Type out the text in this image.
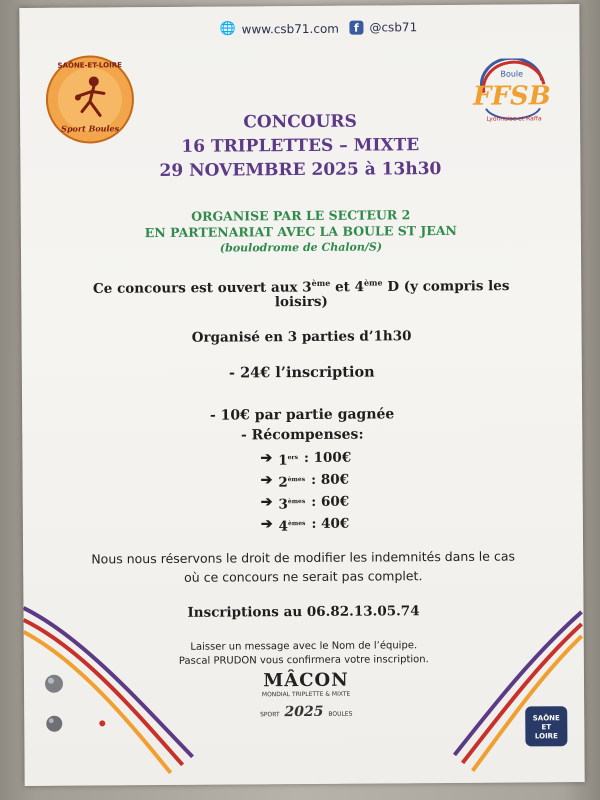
🌐 www.csb71.com	f @csb71
SAÔNE-ET-LOIRE
Sport Boules
Boule
FFSB
Lyonnaise et Raffa
CONCOURS
16 TRIPLETTES – MIXTE
29 NOVEMBRE 2025 à 13h30
ORGANISE PAR LE SECTEUR 2
EN PARTENARIAT AVEC LA BOULE ST JEAN
(boulodrome de Chalon/S)
Ce concours est ouvert aux 3ème et 4ème D (y compris les
loisirs)
Organisé en 3 parties d’1h30
- 24€ l’inscription
- 10€ par partie gagnée
- Récompenses:
➔ 1ers : 100€
➔ 2èmes : 80€
➔ 3èmes : 60€
➔ 4èmes : 40€
Nous nous réservons le droit de modifier les indemnités dans le cas
où ce concours ne serait pas complet.
Inscriptions au 06.82.13.05.74
Laisser un message avec le Nom de l’équipe.
Pascal PRUDON vous confirmera votre inscription.
MÂCON
MONDIAL TRIPLETTE & MIXTE
SPORT 2025 BOULES	SAÔNE
ET
LOIRE
